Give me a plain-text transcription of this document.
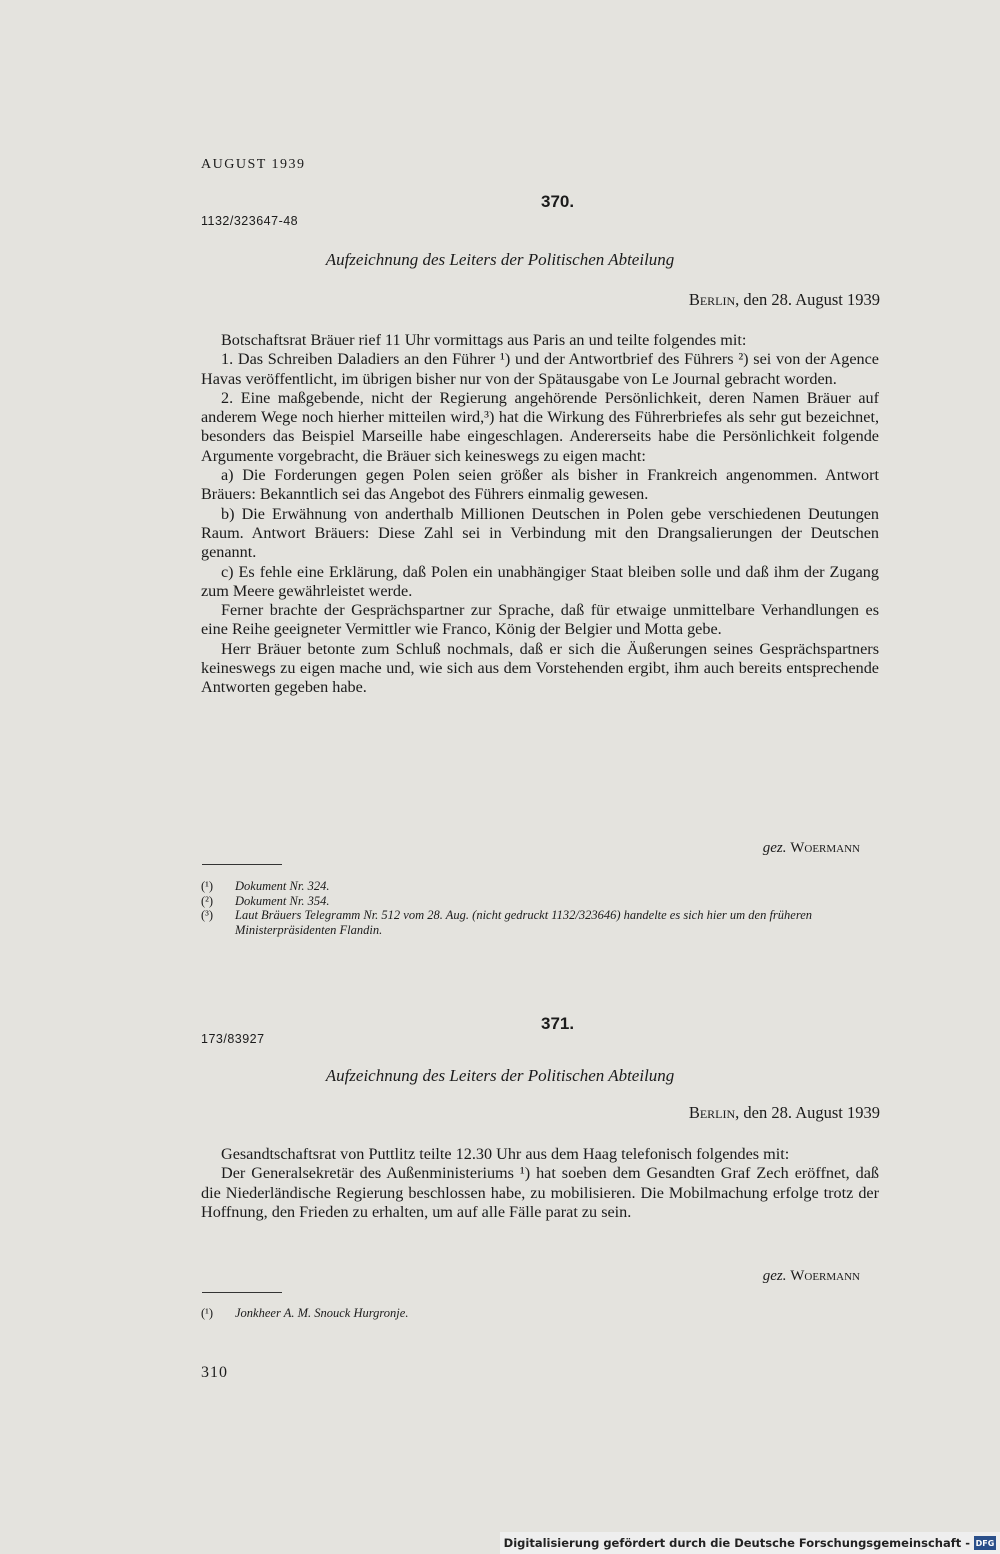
AUGUST 1939
370.
1132/323647-48
Aufzeichnung des Leiters der Politischen Abteilung
Berlin, den 28. August 1939

Botschaftsrat Bräuer rief 11 Uhr vormittags aus Paris an und teilte folgendes mit:

1. Das Schreiben Daladiers an den Führer ¹) und der Antwortbrief des Führers ²) sei von der Agence Havas veröffentlicht, im übrigen bisher nur von der Spätausgabe von Le Journal gebracht worden.

2. Eine maßgebende, nicht der Regierung angehörende Persönlichkeit, deren Namen Bräuer auf anderem Wege noch hierher mitteilen wird,³) hat die Wirkung des Führerbriefes als sehr gut bezeichnet, besonders das Beispiel Marseille habe eingeschlagen. Andererseits habe die Persönlichkeit folgende Argumente vorgebracht, die Bräuer sich keineswegs zu eigen macht:

a) Die Forderungen gegen Polen seien größer als bisher in Frankreich angenommen. Antwort Bräuers: Bekanntlich sei das Angebot des Führers einmalig gewesen.

b) Die Erwähnung von anderthalb Millionen Deutschen in Polen gebe verschiedenen Deutungen Raum. Antwort Bräuers: Diese Zahl sei in Verbindung mit den Drangsalierungen der Deutschen genannt.

c) Es fehle eine Erklärung, daß Polen ein unabhängiger Staat bleiben solle und daß ihm der Zugang zum Meere gewährleistet werde.

Ferner brachte der Gesprächspartner zur Sprache, daß für etwaige unmittelbare Verhandlungen es eine Reihe geeigneter Vermittler wie Franco, König der Belgier und Motta gebe.

Herr Bräuer betonte zum Schluß nochmals, daß er sich die Äußerungen seines Gesprächspartners keineswegs zu eigen mache und, wie sich aus dem Vorstehenden ergibt, ihm auch bereits entsprechende Antworten gegeben habe.

gez. Woermann
(¹)	Dokument Nr. 324.
(²)	Dokument Nr. 354.
(³)	Laut Bräuers Telegramm Nr. 512 vom 28. Aug. (nicht gedruckt 1132/323646) handelte es sich hier um den früheren Ministerpräsidenten Flandin.
371.
173/83927
Aufzeichnung des Leiters der Politischen Abteilung
Berlin, den 28. August 1939

Gesandtschaftsrat von Puttlitz teilte 12.30 Uhr aus dem Haag telefonisch folgendes mit:

Der Generalsekretär des Außenministeriums ¹) hat soeben dem Gesandten Graf Zech eröffnet, daß die Niederländische Regierung beschlossen habe, zu mobilisieren. Die Mobilmachung erfolge trotz der Hoffnung, den Frieden zu erhalten, um auf alle Fälle parat zu sein.

gez. Woermann
(¹)	Jonkheer A. M. Snouck Hurgronje.
310
Digitalisierung gefördert durch die Deutsche Forschungsgemeinschaft - DFG
